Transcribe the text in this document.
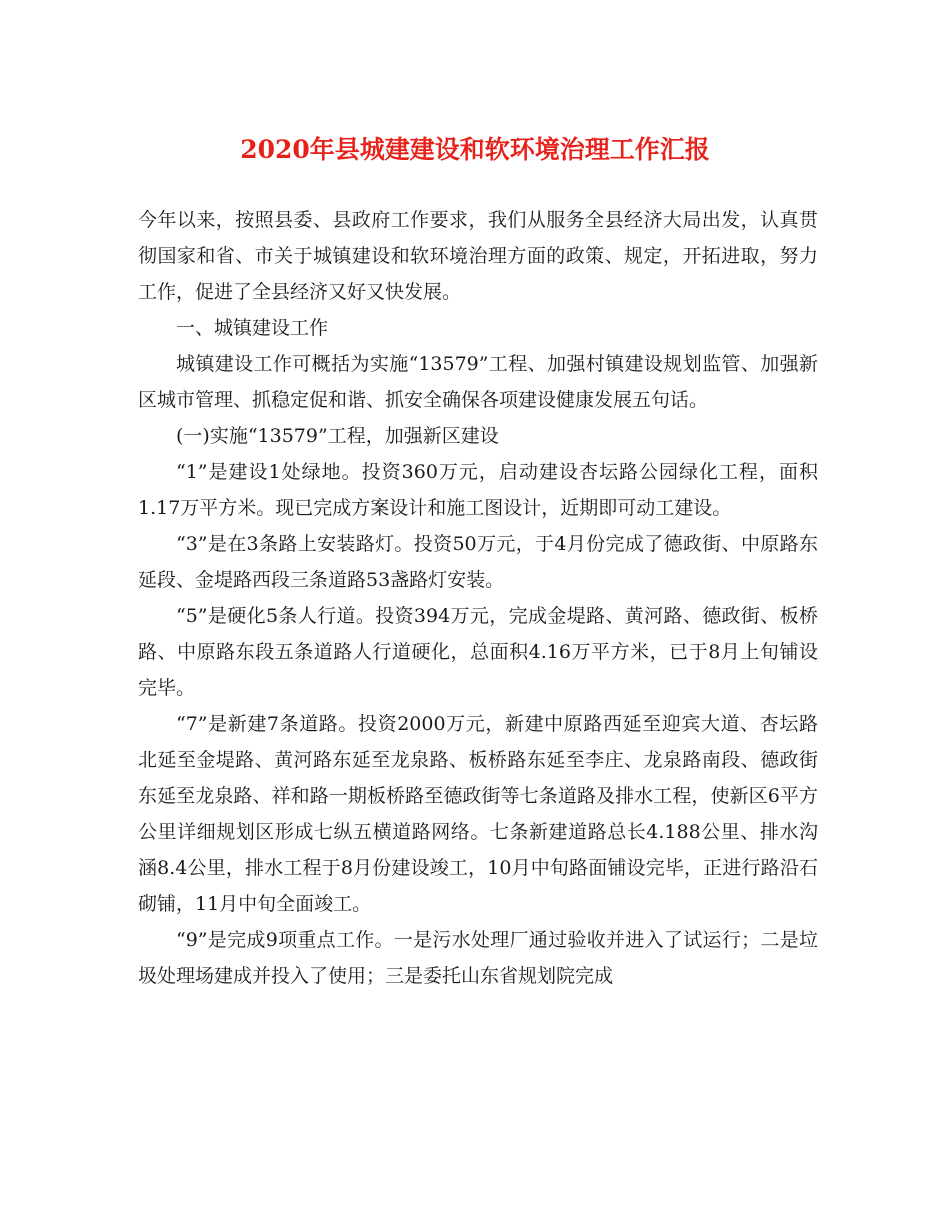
2020年县城建建设和软环境治理工作汇报

今年以来，按照县委、县政府工作要求，我们从服务全县经济大局出发，认真贯彻国家和省、市关于城镇建设和软环境治理方面的政策、规定，开拓进取，努力工作，促进了全县经济又好又快发展。

一、城镇建设工作

城镇建设工作可概括为实施“13579”工程、加强村镇建设规划监管、加强新区城市管理、抓稳定促和谐、抓安全确保各项建设健康发展五句话。

(一)实施“13579”工程，加强新区建设

“1”是建设1处绿地。投资360万元，启动建设杏坛路公园绿化工程，面积1.17万平方米。现已完成方案设计和施工图设计，近期即可动工建设。

“3”是在3条路上安装路灯。投资50万元，于4月份完成了德政街、中原路东延段、金堤路西段三条道路53盏路灯安装。

“5”是硬化5条人行道。投资394万元，完成金堤路、黄河路、德政街、板桥路、中原路东段五条道路人行道硬化，总面积4.16万平方米，已于8月上旬铺设完毕。

“7”是新建7条道路。投资2000万元，新建中原路西延至迎宾大道、杏坛路北延至金堤路、黄河路东延至龙泉路、板桥路东延至李庄、龙泉路南段、德政街东延至龙泉路、祥和路一期板桥路至德政街等七条道路及排水工程，使新区6平方公里详细规划区形成七纵五横道路网络。七条新建道路总长4.188公里、排水沟涵8.4公里，排水工程于8月份建设竣工，10月中旬路面铺设完毕，正进行路沿石砌铺，11月中旬全面竣工。

“9”是完成9项重点工作。一是污水处理厂通过验收并进入了试运行；二是垃圾处理场建成并投入了使用；三是委托山东省规划院完成
